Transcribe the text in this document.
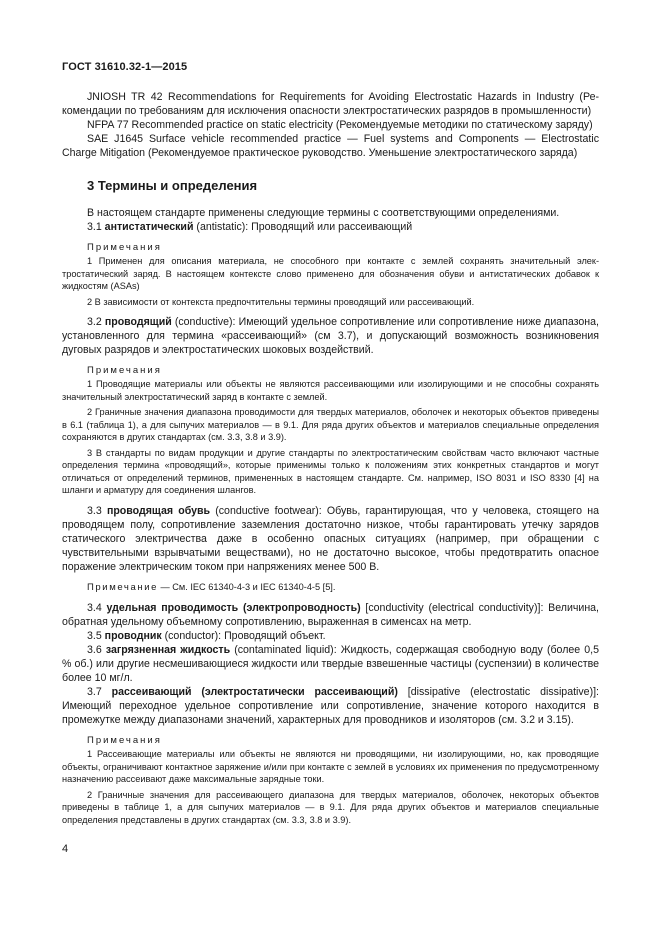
ГОСТ 31610.32-1—2015

JNIOSH TR 42 Recommendations for Requirements for Avoiding Electrostatic Hazards in Industry (Рекомендации по требованиям для исключения опасности электростатических разрядов в промышленности)

NFPA 77 Recommended practice on static electricity (Рекомендуемые методики по статическому заряду)

SAE J1645 Surface vehicle recommended practice — Fuel systems and Components — Electrostatic Charge Mitigation (Рекомендуемое практическое руководство. Уменьшение электростатического заряда)

3 Термины и определения

В настоящем стандарте применены следующие термины с соответствующими определениями.

3.1 антистатический (antistatic): Проводящий или рассеивающий

Примечания

1 Применен для описания материала, не способного при контакте с землей сохранять значительный электростатический заряд. В настоящем контексте слово применено для обозначения обуви и антистатических добавок к жидкостям (ASAs)

2 В зависимости от контекста предпочтительны термины проводящий или рассеивающий.

3.2 проводящий (conductive): Имеющий удельное сопротивление или сопротивление ниже диапазона, установленного для термина «рассеивающий» (см 3.7), и допускающий возможность возникновения дуговых разрядов и электростатических шоковых воздействий.

Примечания

1 Проводящие материалы или объекты не являются рассеивающими или изолирующими и не способны сохранять значительный электростатический заряд в контакте с землей.

2 Граничные значения диапазона проводимости для твердых материалов, оболочек и некоторых объектов приведены в 6.1 (таблица 1), а для сыпучих материалов — в 9.1. Для ряда других объектов и материалов специальные определения сохраняются в других стандартах (см. 3.3, 3.8 и 3.9).

3 В стандарты по видам продукции и другие стандарты по электростатическим свойствам часто включают частные определения термина «проводящий», которые применимы только к положениям этих конкретных стандартов и могут отличаться от определений терминов, примененных в настоящем стандарте. См. например, ISO 8031 и ISO 8330 [4] на шланги и арматуру для соединения шлангов.

3.3 проводящая обувь (conductive footwear): Обувь, гарантирующая, что у человека, стоящего на проводящем полу, сопротивление заземления достаточно низкое, чтобы гарантировать утечку зарядов статического электричества даже в особенно опасных ситуациях (например, при обращении с чувствительными взрывчатыми веществами), но не достаточно высокое, чтобы предотвратить опасное поражение электрическим током при напряжениях менее 500 В.

Примечание — См. IEC 61340-4-3 и IEC 61340-4-5 [5].

3.4 удельная проводимость (электропроводность) [conductivity (electrical conductivity)]: Величина, обратная удельному объемному сопротивлению, выраженная в сименсах на метр.

3.5 проводник (conductor): Проводящий объект.

3.6 загрязненная жидкость (contaminated liquid): Жидкость, содержащая свободную воду (более 0,5 % об.) или другие несмешивающиеся жидкости или твердые взвешенные частицы (суспензии) в количестве более 10 мг/л.

3.7 рассеивающий (электростатически рассеивающий) [dissipative (electrostatic dissipative)]: Имеющий переходное удельное сопротивление или сопротивление, значение которого находится в промежутке между диапазонами значений, характерных для проводников и изоляторов (см. 3.2 и 3.15).

Примечания

1 Рассеивающие материалы или объекты не являются ни проводящими, ни изолирующими, но, как проводящие объекты, ограничивают контактное заряжение и/или при контакте с землей в условиях их применения по предусмотренному назначению рассеивают даже максимальные зарядные токи.

2 Граничные значения для рассеивающего диапазона для твердых материалов, оболочек, некоторых объектов приведены в таблице 1, а для сыпучих материалов — в 9.1. Для ряда других объектов и материалов специальные определения представлены в других стандартах (см. 3.3, 3.8 и 3.9).

4
